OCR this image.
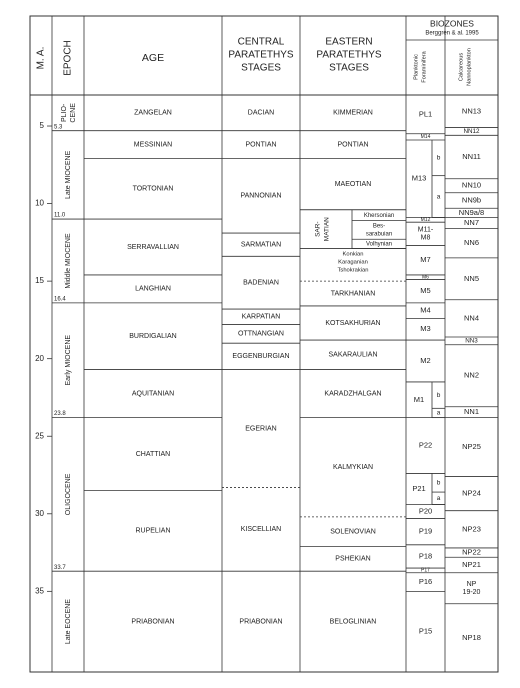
M. A. EPOCH	AGE
CENTRAL
PARATETHYS
STAGES
EASTERN
PARATETHYS
STAGES
BIOZONES
Berggren & al. 1995
Planktonic Foraminifera	Calcareous Nannoplankton
5
10
15
20
25
30
35
5.3
11.0
16.4
23.8
33.7
PLIO- CENE
Late MIOCENE
Middle MIOCENE
Early MIOCENE
OLIGOCENE
Late EOCENE
ZANGELAN
MESSINIAN
TORTONIAN
SERRAVALLIAN
LANGHIAN
BURDIGALIAN
AQUITANIAN
CHATTIAN
RUPELIAN
PRIABONIAN
DACIAN
PONTIAN
PANNONIAN
SARMATIAN
BADENIAN
KARPATIAN
OTTNANGIAN
EGGENBURGIAN
EGERIAN
KISCELLIAN
PRIABONIAN
KIMMERIAN
PONTIAN
MAEOTIAN
KOTSAKHURIAN
SAKARAULIAN
KARADZHALGAN
KALMYKIAN
SOLENOVIAN
PSHEKIAN
BELOGLINIAN
SAR- MATIAN
Khersonian
Bes-
sarabuian
Volhynian
Konkian
Karaganian
Tshokrakian
TARKHANIAN
PL1
M14
M13
b
a
M12
M11-
M8
M7
M6
M5
M4
M3
M2
M1 b
a
P22
P21
b
a
P20
P19
P18
P17
P16
P15
NN13
NN12
NN11
NN10
NN9b
NN9a/8
NN7
NN6
NN5
NN4
NN3
NN2
NN1
NP25
NP24
NP23
NP22
NP21
NP
19-20
NP18
